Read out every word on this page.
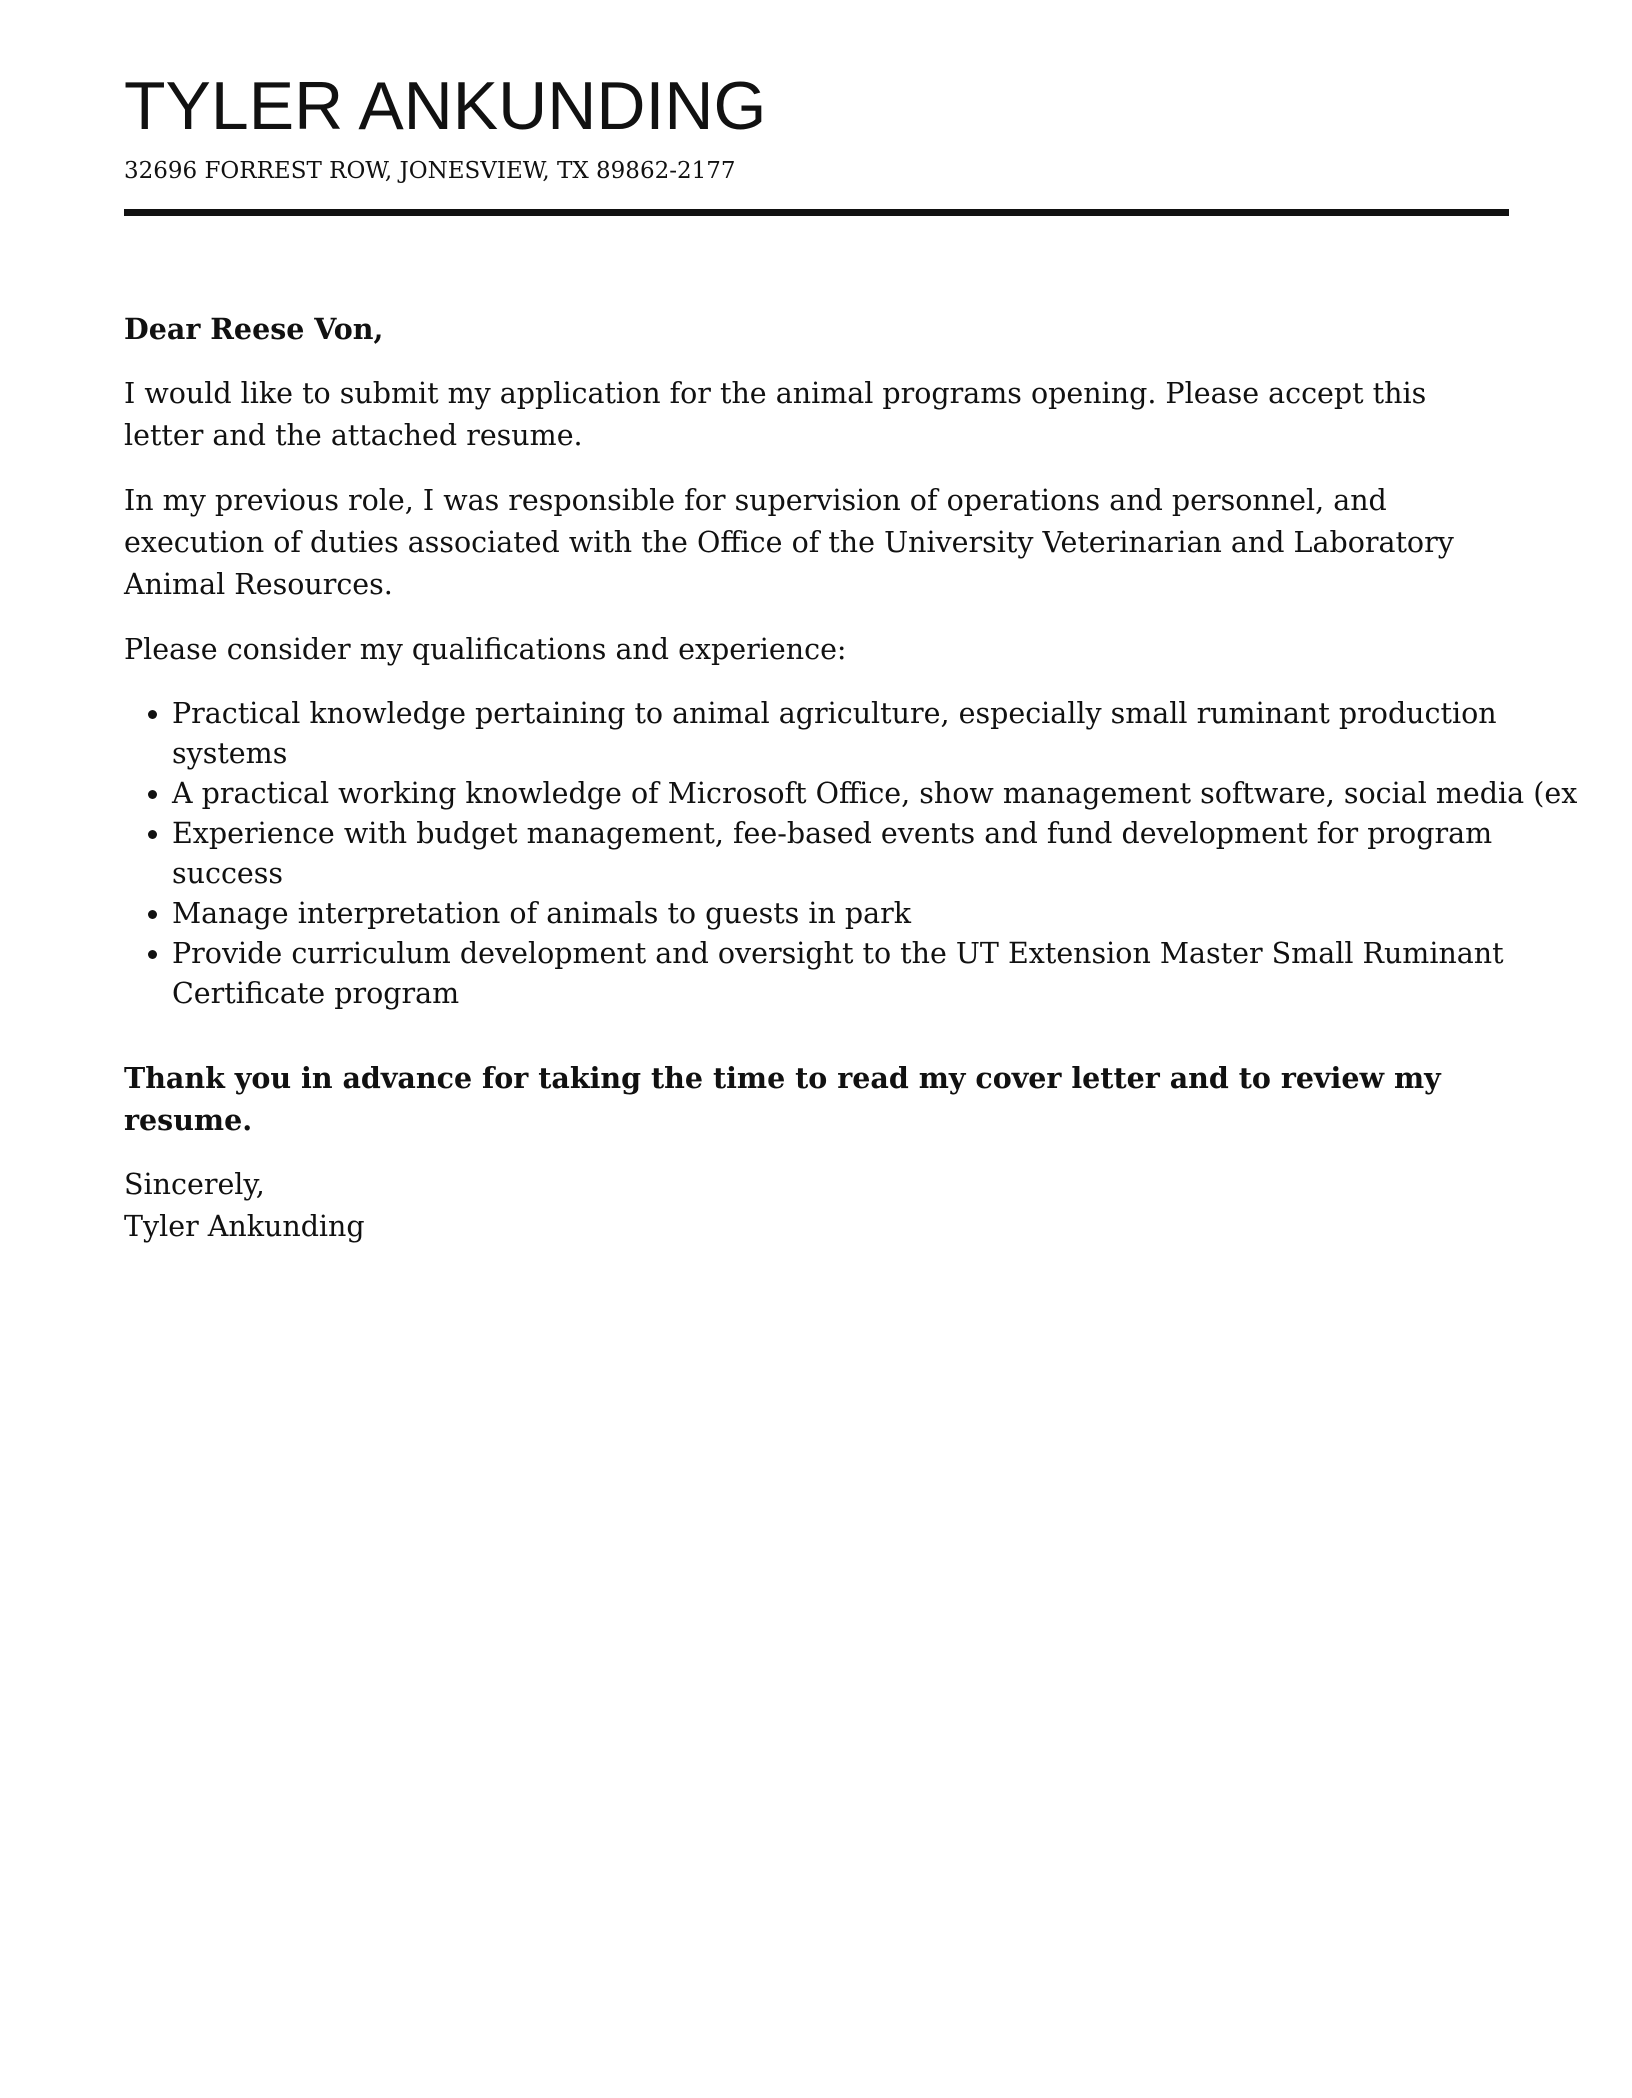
TYLER ANKUNDING
32696 FORREST ROW, JONESVIEW, TX 89862-2177

Dear Reese Von,

I would like to submit my application for the animal programs opening. Please accept this letter and the attached resume.

In my previous role, I was responsible for supervision of operations and personnel, and execution of duties associated with the Office of the University Veterinarian and Laboratory Animal Resources.

Please consider my qualifications and experience:

• Practical knowledge pertaining to animal agriculture, especially small ruminant production systems
• A practical working knowledge of Microsoft Office, show management software, social media (ex
• Experience with budget management, fee-based events and fund development for program success
• Manage interpretation of animals to guests in park
• Provide curriculum development and oversight to the UT Extension Master Small Ruminant Certificate program

Thank you in advance for taking the time to read my cover letter and to review my resume.

Sincerely,

Tyler Ankunding
